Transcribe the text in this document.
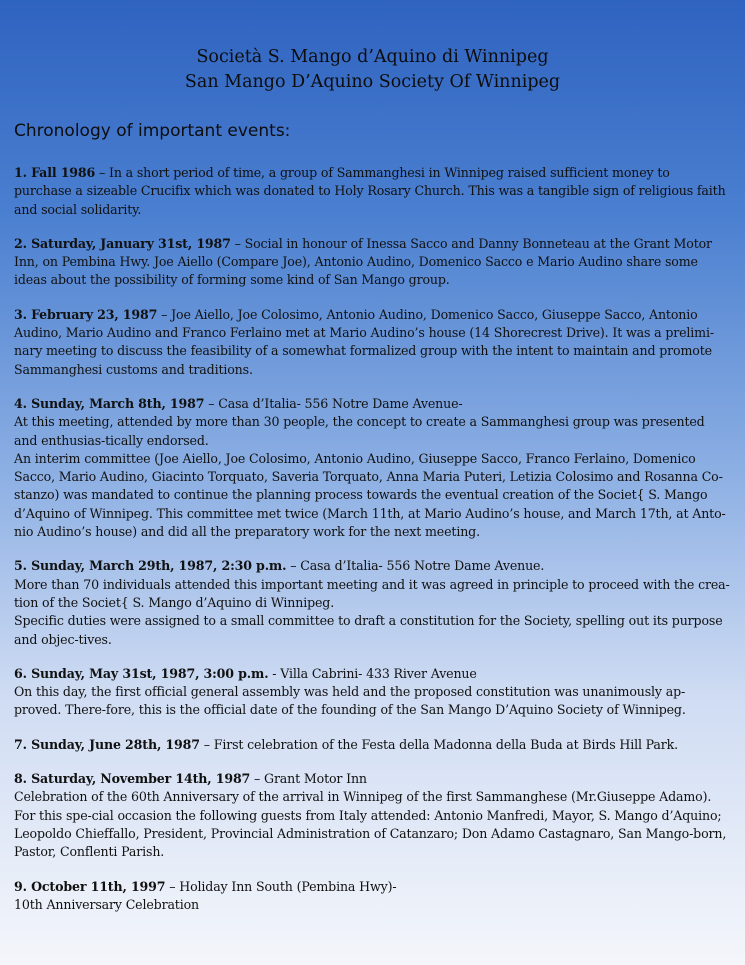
Società S. Mango d’Aquino di Winnipeg
San Mango D’Aquino Society Of Winnipeg
Chronology of important events:
1. Fall 1986 – In a short period of time, a group of Sammanghesi in Winnipeg raised sufficient money to purchase a sizeable Crucifix which was donated to Holy Rosary Church. This was a tangible sign of religious faith and social solidarity.
2. Saturday, January 31st, 1987 – Social in honour of Inessa Sacco and Danny Bonneteau at the Grant Motor Inn, on Pembina Hwy. Joe Aiello (Compare Joe), Antonio Audino, Domenico Sacco e Mario Audino share some ideas about the possibility of forming some kind of San Mango group.
3. February 23, 1987 – Joe Aiello, Joe Colosimo, Antonio Audino, Domenico Sacco, Giuseppe Sacco, Antonio Audino, Mario Audino and Franco Ferlaino met at Mario Audino’s house (14 Shorecrest Drive). It was a prelimi-nary meeting to discuss the feasibility of a somewhat formalized group with the intent to maintain and promote Sammanghesi customs and traditions.
4. Sunday, March 8th, 1987 – Casa d’Italia- 556 Notre Dame Avenue-
At this meeting, attended by more than 30 people, the concept to create a Sammanghesi group was presented and enthusias-tically endorsed.
An interim committee (Joe Aiello, Joe Colosimo, Antonio Audino, Giuseppe Sacco, Franco Ferlaino, Domenico Sacco, Mario Audino, Giacinto Torquato, Saveria Torquato, Anna Maria Puteri, Letizia Colosimo and Rosanna Co-stanzo) was mandated to continue the planning process towards the eventual creation of the Societ{ S. Mango d’Aquino of Winnipeg. This committee met twice (March 11th, at Mario Audino’s house, and March 17th, at Anto-nio Audino’s house) and did all the preparatory work for the next meeting.
5. Sunday, March 29th, 1987, 2:30 p.m. – Casa d’Italia- 556 Notre Dame Avenue.
More than 70 individuals attended this important meeting and it was agreed in principle to proceed with the crea-tion of the Societ{ S. Mango d’Aquino di Winnipeg.
Specific duties were assigned to a small committee to draft a constitution for the Society, spelling out its purpose and objec-tives.
6. Sunday, May 31st, 1987, 3:00 p.m. - Villa Cabrini- 433 River Avenue
On this day, the first official general assembly was held and the proposed constitution was unanimously ap-proved. There-fore, this is the official date of the founding of the San Mango D’Aquino Society of Winnipeg.
7. Sunday, June 28th, 1987 – First celebration of the Festa della Madonna della Buda at Birds Hill Park.
8. Saturday, November 14th, 1987 – Grant Motor Inn
Celebration of the 60th Anniversary of the arrival in Winnipeg of the first Sammanghese (Mr.Giuseppe Adamo).
For this spe-cial occasion the following guests from Italy attended: Antonio Manfredi, Mayor, S. Mango d’Aquino; Leopoldo Chieffallo, President, Provincial Administration of Catanzaro; Don Adamo Castagnaro, San Mango-born, Pastor, Conflenti Parish.
9. October 11th, 1997 – Holiday Inn South (Pembina Hwy)-
10th Anniversary Celebration
